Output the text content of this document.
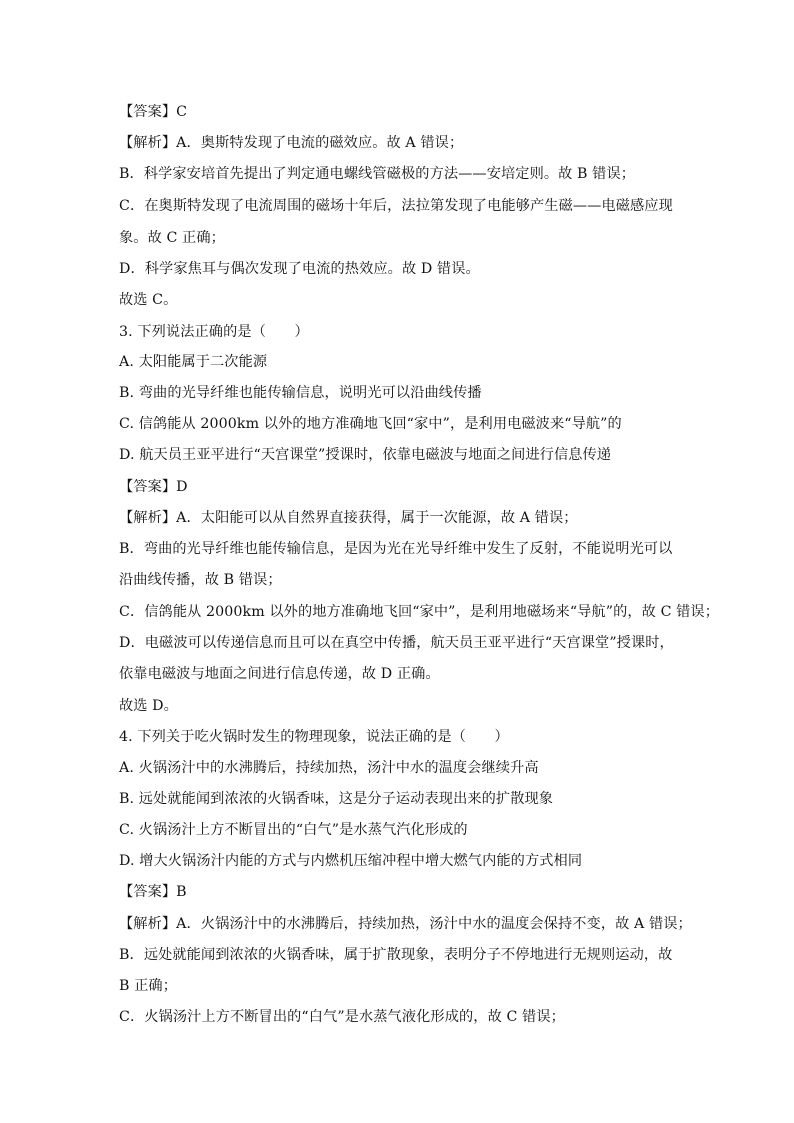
【答案】C
【解析】A．奥斯特发现了电流的磁效应。故 A 错误；
B．科学家安培首先提出了判定通电螺线管磁极的方法——安培定则。故 B 错误；
C．在奥斯特发现了电流周围的磁场十年后，法拉第发现了电能够产生磁——电磁感应现
象。故 C 正确；
D．科学家焦耳与偶次发现了电流的热效应。故 D 错误。
故选 C。
3. 下列说法正确的是（　　）
A. 太阳能属于二次能源
B. 弯曲的光导纤维也能传输信息，说明光可以沿曲线传播
C. 信鸽能从 2000km 以外的地方准确地飞回“家中”，是利用电磁波来“导航”的
D. 航天员王亚平进行“天宫课堂”授课时，依靠电磁波与地面之间进行信息传递
【答案】D
【解析】A．太阳能可以从自然界直接获得，属于一次能源，故 A 错误；
B．弯曲的光导纤维也能传输信息，是因为光在光导纤维中发生了反射，不能说明光可以
沿曲线传播，故 B 错误；
C．信鸽能从 2000km 以外的地方准确地飞回“家中”，是利用地磁场来“导航”的，故 C 错误；
D．电磁波可以传递信息而且可以在真空中传播，航天员王亚平进行“天宫课堂”授课时，
依靠电磁波与地面之间进行信息传递，故 D 正确。
故选 D。
4. 下列关于吃火锅时发生的物理现象，说法正确的是（　　）
A. 火锅汤汁中的水沸腾后，持续加热，汤汁中水的温度会继续升高
B. 远处就能闻到浓浓的火锅香味，这是分子运动表现出来的扩散现象
C. 火锅汤汁上方不断冒出的“白气”是水蒸气汽化形成的
D. 增大火锅汤汁内能的方式与内燃机压缩冲程中增大燃气内能的方式相同
【答案】B
【解析】A．火锅汤汁中的水沸腾后，持续加热，汤汁中水的温度会保持不变，故 A 错误；
B．远处就能闻到浓浓的火锅香味，属于扩散现象，表明分子不停地进行无规则运动，故
B 正确；
C．火锅汤汁上方不断冒出的“白气”是水蒸气液化形成的，故 C 错误；
